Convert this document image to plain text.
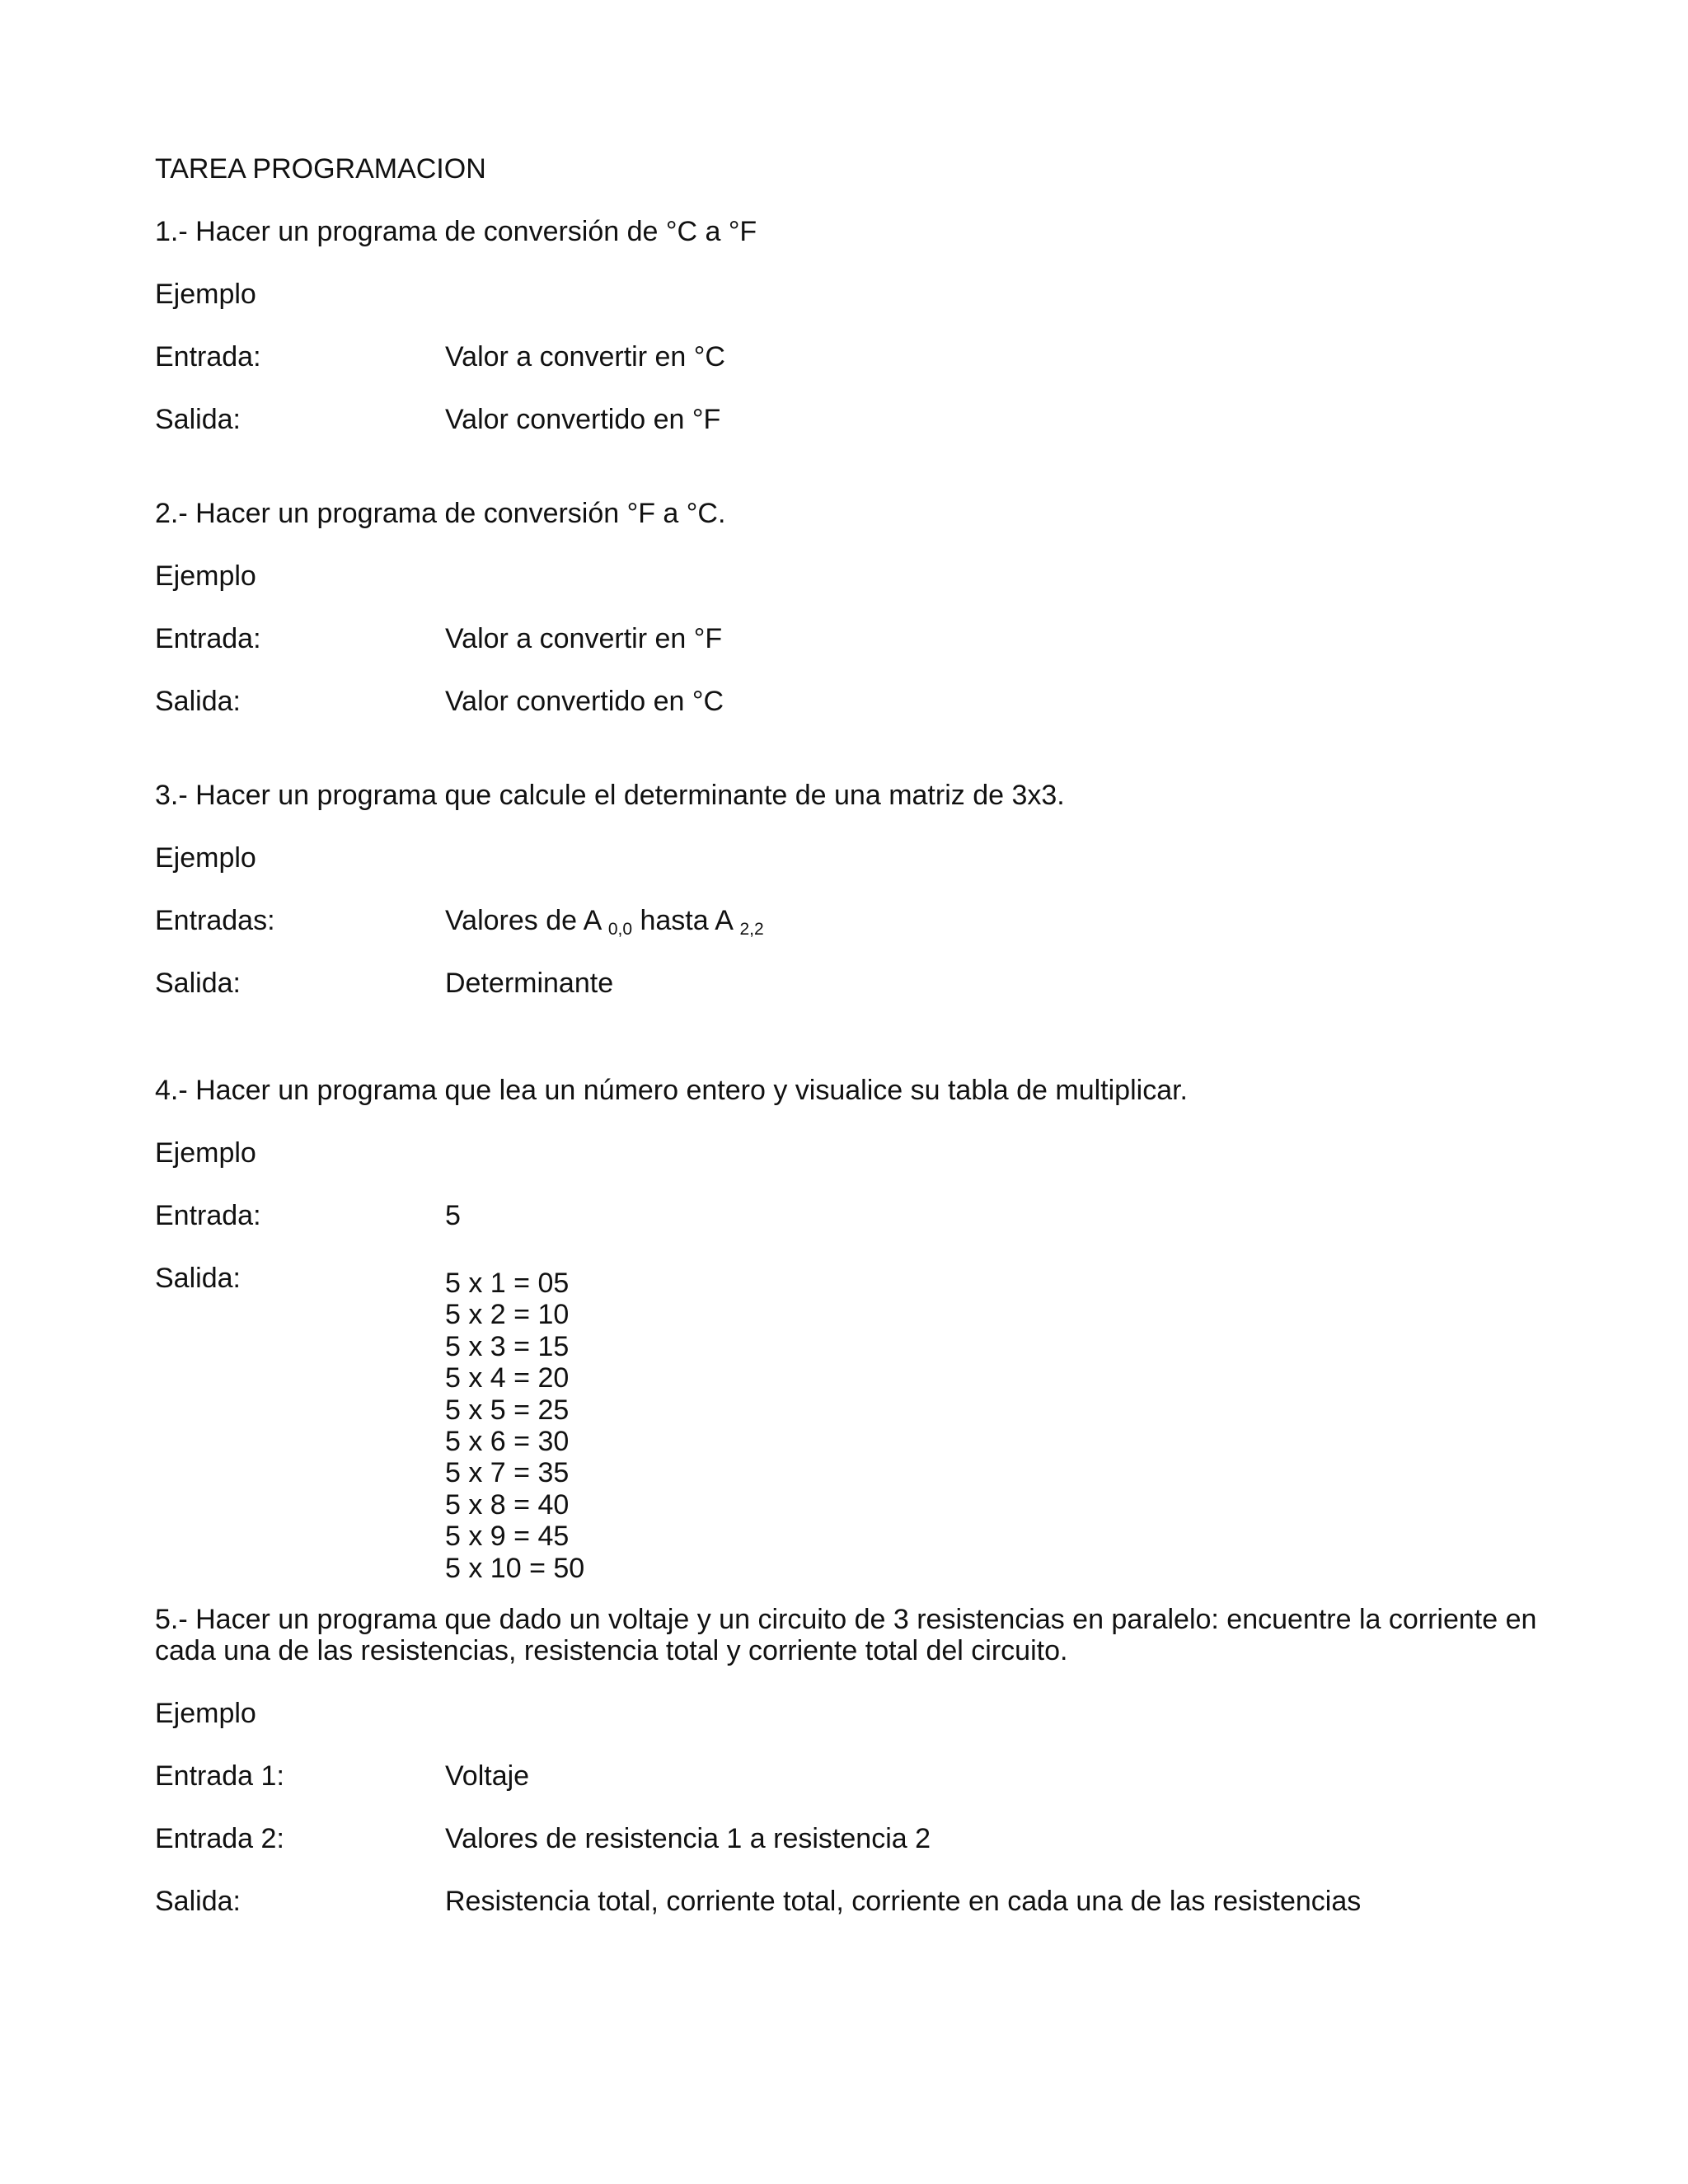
TAREA PROGRAMACION

1.- Hacer un programa de conversión de °C a °F

Ejemplo

Entrada:	Valor a convertir en °C

Salida:	Valor convertido en °F

2.- Hacer un programa de conversión °F a °C.

Ejemplo

Entrada:	Valor a convertir en °F

Salida:	Valor convertido en °C

3.- Hacer un programa que calcule el determinante de una matriz de 3x3.

Ejemplo

Entradas:	Valores de A $_{0,0}$ hasta A $_{2,2}$

Salida:	Determinante

4.- Hacer un programa que lea un número entero y visualice su tabla de multiplicar.

Ejemplo

Entrada:	5

Salida:	5 x 1 = 05
5 x 2 = 10
5 x 3 = 15
5 x 4 = 20
5 x 5 = 25
5 x 6 = 30
5 x 7 = 35
5 x 8 = 40
5 x 9 = 45
5 x 10 = 50

5.- Hacer un programa que dado un voltaje y un circuito de 3 resistencias en paralelo: encuentre la corriente en cada una de las resistencias, resistencia total y corriente total del circuito.

Ejemplo

Entrada 1:	Voltaje

Entrada 2:	Valores de resistencia 1 a resistencia 2

Salida:	Resistencia total, corriente total, corriente en cada una de las resistencias
